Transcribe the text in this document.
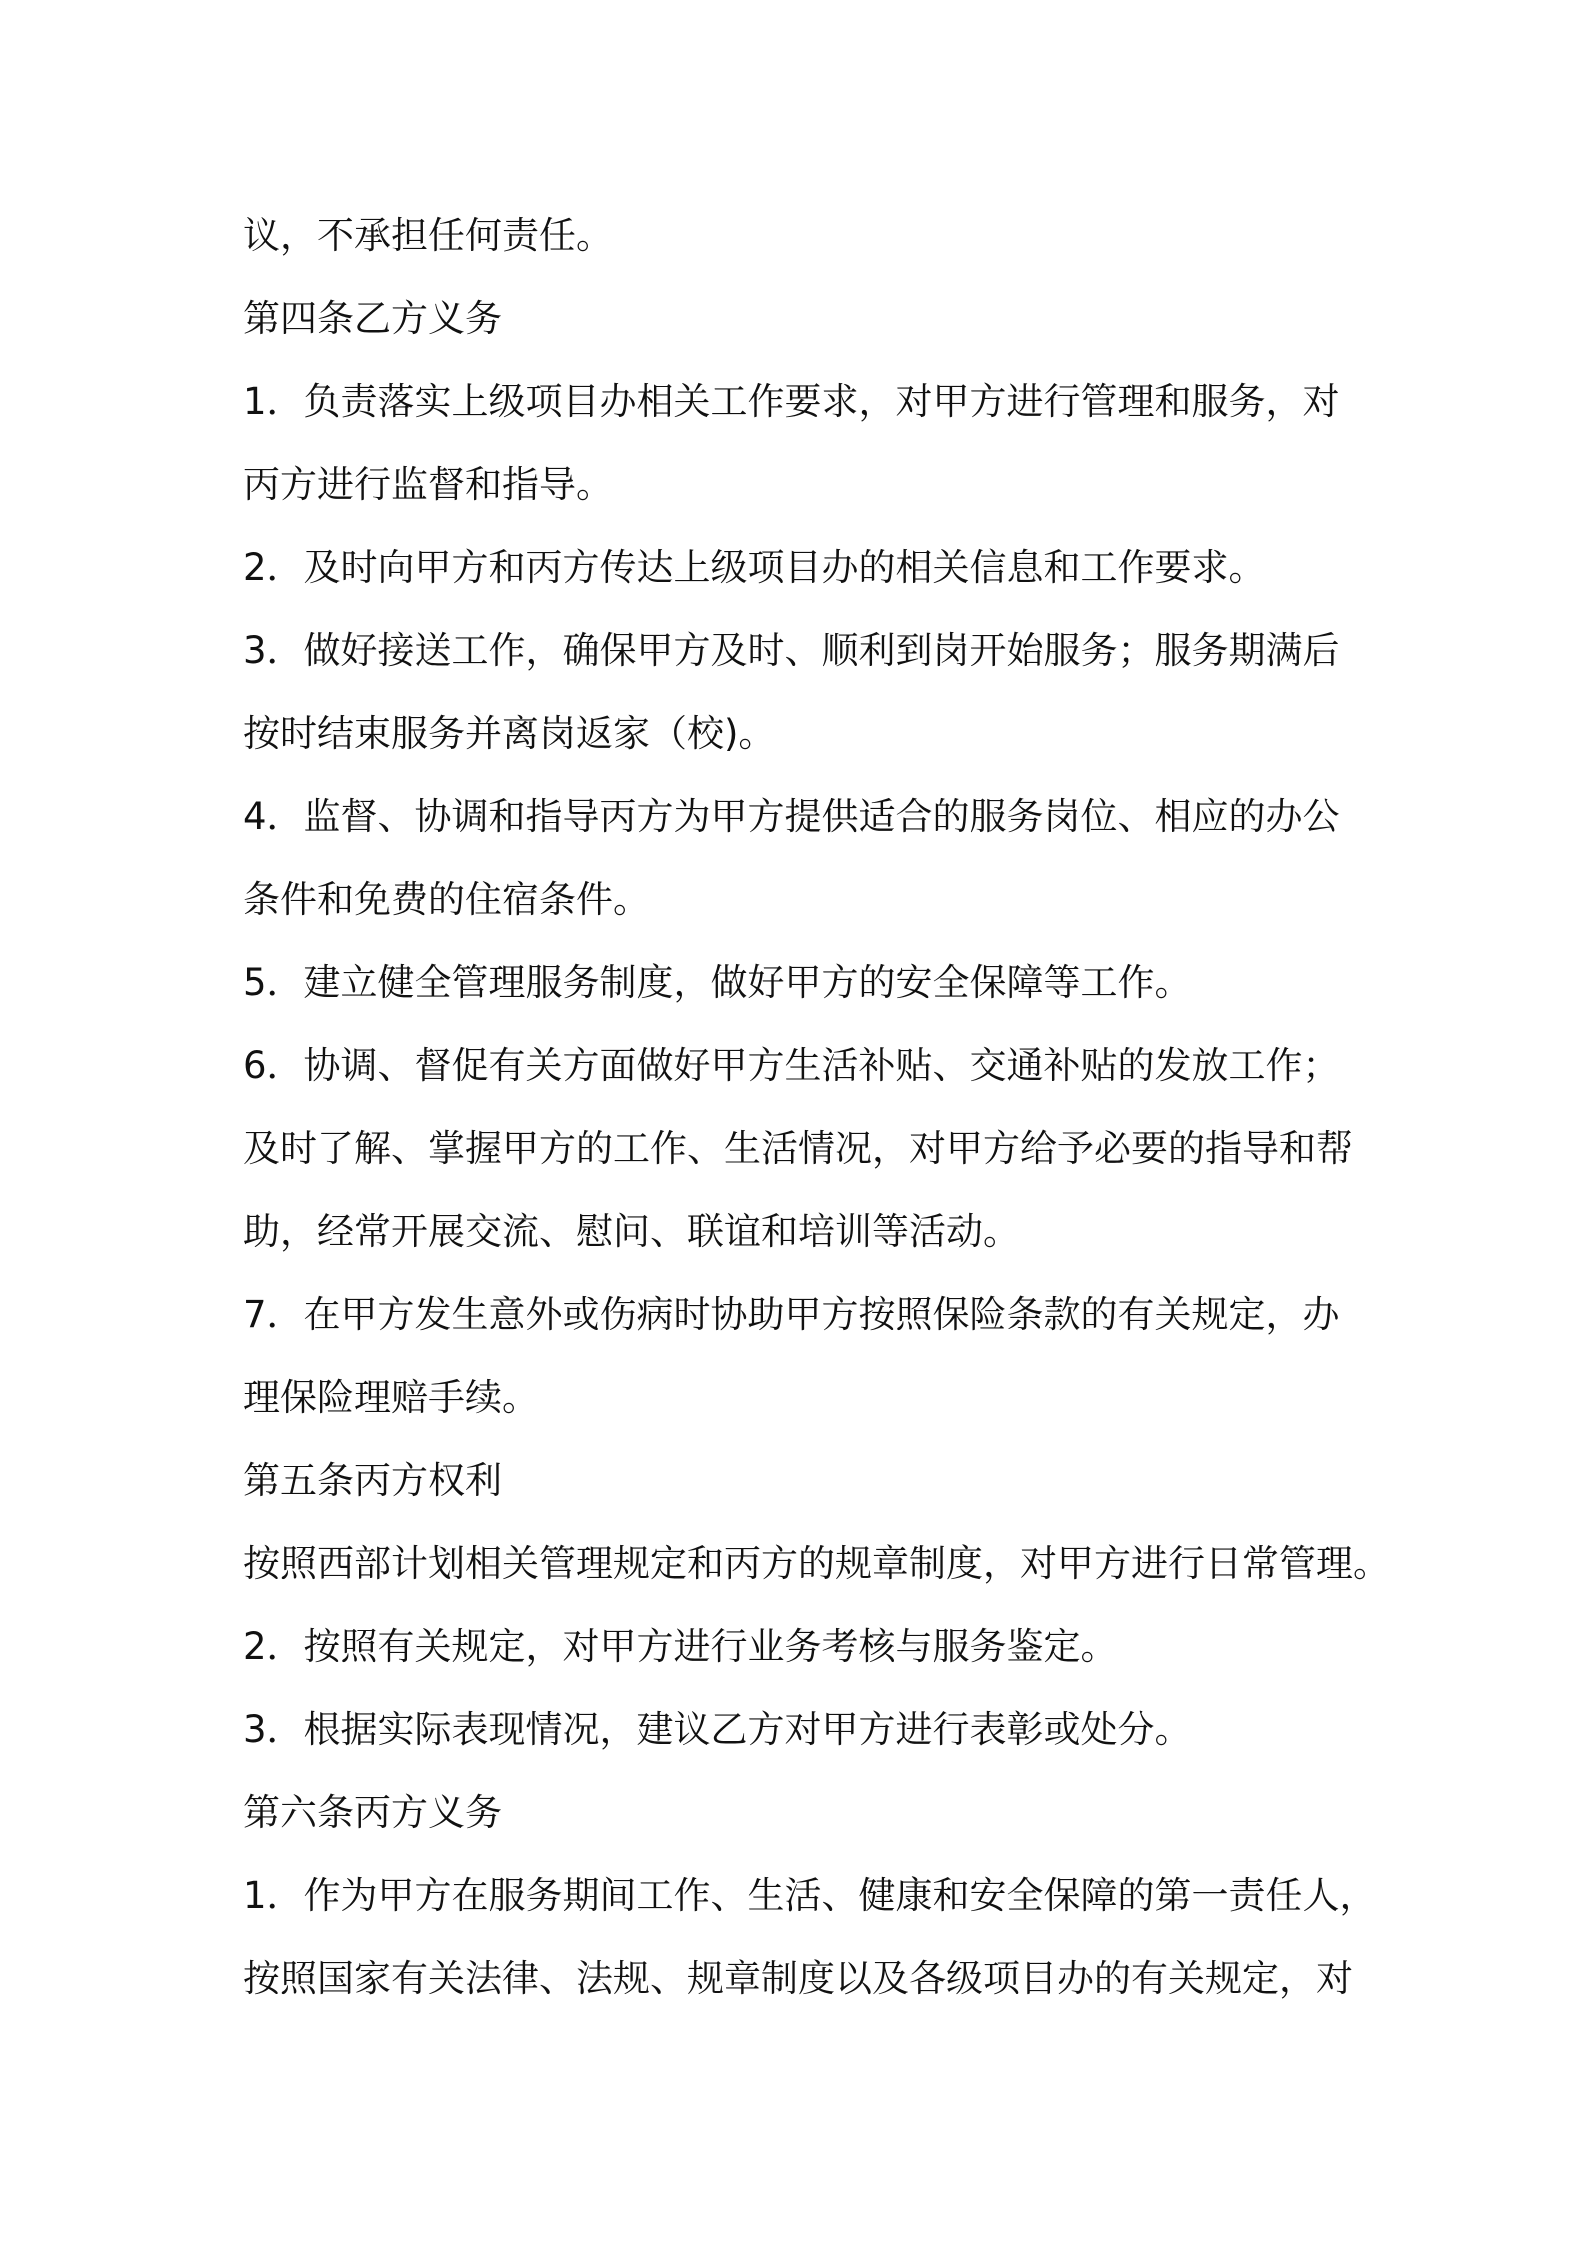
议，不承担任何责任。
第四条乙方义务
1．负责落实上级项目办相关工作要求，对甲方进行管理和服务，对
丙方进行监督和指导。
2．及时向甲方和丙方传达上级项目办的相关信息和工作要求。
3．做好接送工作，确保甲方及时、顺利到岗开始服务；服务期满后
按时结束服务并离岗返家（校)。
4．监督、协调和指导丙方为甲方提供适合的服务岗位、相应的办公
条件和免费的住宿条件。
5．建立健全管理服务制度，做好甲方的安全保障等工作。
6．协调、督促有关方面做好甲方生活补贴、交通补贴的发放工作；
及时了解、掌握甲方的工作、生活情况，对甲方给予必要的指导和帮
助，经常开展交流、慰问、联谊和培训等活动。
7．在甲方发生意外或伤病时协助甲方按照保险条款的有关规定，办
理保险理赔手续。
第五条丙方权利
按照西部计划相关管理规定和丙方的规章制度，对甲方进行日常管理。
2．按照有关规定，对甲方进行业务考核与服务鉴定。
3．根据实际表现情况，建议乙方对甲方进行表彰或处分。
第六条丙方义务
1．作为甲方在服务期间工作、生活、健康和安全保障的第一责任人，
按照国家有关法律、法规、规章制度以及各级项目办的有关规定，对
